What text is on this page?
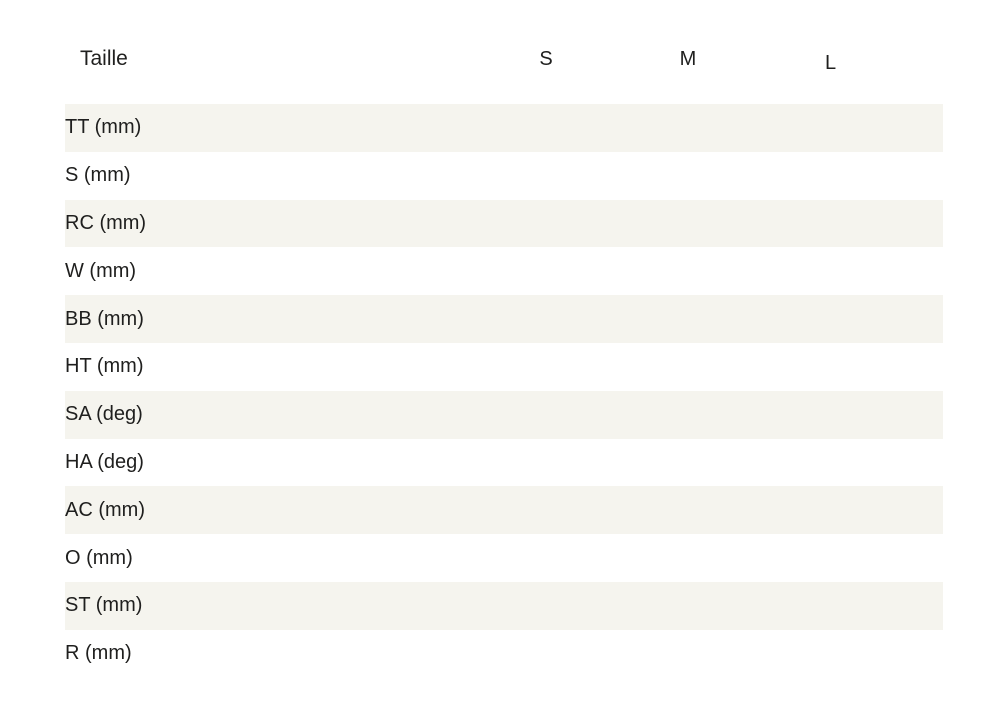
Taille	S	M	L
TT (mm)
S (mm)
RC (mm)
W (mm)
BB (mm)
HT (mm)
SA (deg)
HA (deg)
AC (mm)
O (mm)
ST (mm)
R (mm)
